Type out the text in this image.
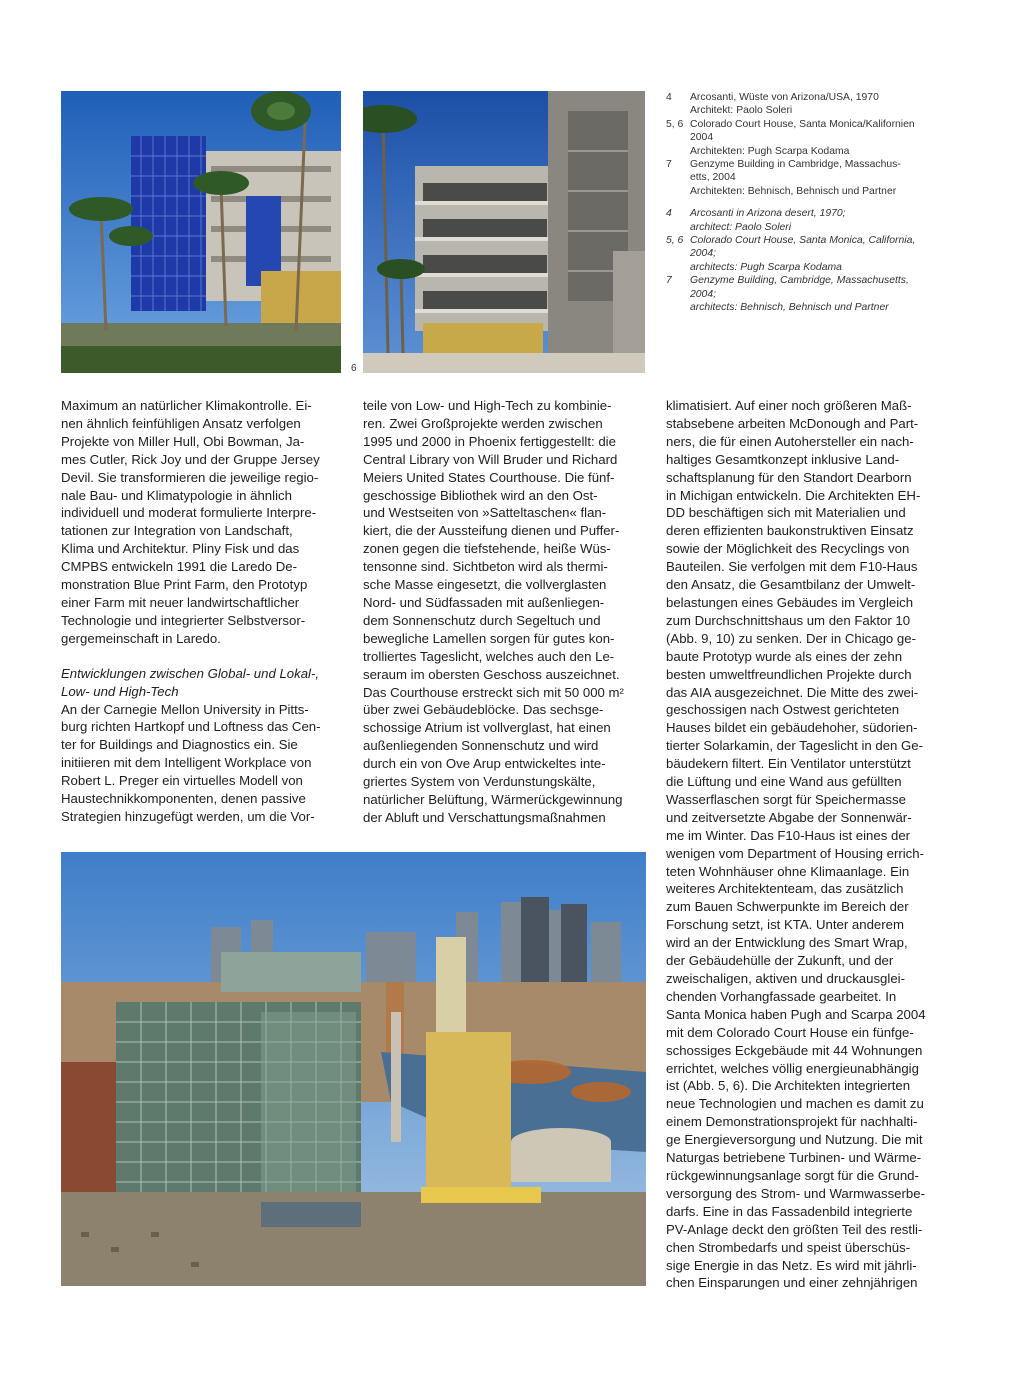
6
4	Arcosanti, Wüste von Arizona/USA, 1970
Architekt: Paolo Soleri
5, 6 Colorado Court House, Santa Monica/Kalifornien
2004
Architekten: Pugh Scarpa Kodama
7	Genzyme Building in Cambridge, Massachus-
etts, 2004
Architekten: Behnisch, Behnisch und Partner
4	Arcosanti in Arizona desert, 1970;
architect: Paolo Soleri
5, 6 Colorado Court House, Santa Monica, California,
2004;
architects: Pugh Scarpa Kodama
7	Genzyme Building, Cambridge, Massachusetts,
2004;
architects: Behnisch, Behnisch und Partner
Maximum an natürlicher Klimakontrolle. Ei-
nen ähnlich feinfühligen Ansatz verfolgen
Projekte von Miller Hull, Obi Bowman, Ja-
mes Cutler, Rick Joy und der Gruppe Jersey
Devil. Sie transformieren die jeweilige regio-
nale Bau- und Klimatypologie in ähnlich
individuell und moderat formulierte Interpre-
tationen zur Integration von Landschaft,
Klima und Architektur. Pliny Fisk und das
CMPBS entwickeln 1991 die Laredo De-
monstration Blue Print Farm, den Prototyp
einer Farm mit neuer landwirtschaftlicher
Technologie und integrierter Selbstversor-
gergemeinschaft in Laredo.
Entwicklungen zwischen Global- und Lokal-,
Low- und High-Tech
An der Carnegie Mellon University in Pitts-
burg richten Hartkopf und Loftness das Cen-
ter for Buildings and Diagnostics ein. Sie
initiieren mit dem Intelligent Workplace von
Robert L. Preger ein virtuelles Modell von
Haustechnikkomponenten, denen passive
Strategien hinzugefügt werden, um die Vor-
teile von Low- und High-Tech zu kombinie-
ren. Zwei Großprojekte werden zwischen
1995 und 2000 in Phoenix fertiggestellt: die
Central Library von Will Bruder und Richard
Meiers United States Courthouse. Die fünf-
geschossige Bibliothek wird an den Ost-
und Westseiten von »Satteltaschen« flan-
kiert, die der Aussteifung dienen und Puffer-
zonen gegen die tiefstehende, heiße Wüs-
tensonne sind. Sichtbeton wird als thermi-
sche Masse eingesetzt, die vollverglasten
Nord- und Südfassaden mit außenliegen-
dem Sonnenschutz durch Segeltuch und
bewegliche Lamellen sorgen für gutes kon-
trolliertes Tageslicht, welches auch den Le-
seraum im obersten Geschoss auszeichnet.
Das Courthouse erstreckt sich mit 50 000 m²
über zwei Gebäudeblöcke. Das sechsge-
schossige Atrium ist vollverglast, hat einen
außenliegenden Sonnenschutz und wird
durch ein von Ove Arup entwickeltes inte-
griertes System von Verdunstungskälte,
natürlicher Belüftung, Wärmerückgewinnung
der Abluft und Verschattungsmaßnahmen
klimatisiert. Auf einer noch größeren Maß-
stabsebene arbeiten McDonough and Part-
ners, die für einen Autohersteller ein nach-
haltiges Gesamtkonzept inklusive Land-
schaftsplanung für den Standort Dearborn
in Michigan entwickeln. Die Architekten EH-
DD beschäftigen sich mit Materialien und
deren effizienten baukonstruktiven Einsatz
sowie der Möglichkeit des Recyclings von
Bauteilen. Sie verfolgen mit dem F10-Haus
den Ansatz, die Gesamtbilanz der Umwelt-
belastungen eines Gebäudes im Vergleich
zum Durchschnittshaus um den Faktor 10
(Abb. 9, 10) zu senken. Der in Chicago ge-
baute Prototyp wurde als eines der zehn
besten umweltfreundlichen Projekte durch
das AIA ausgezeichnet. Die Mitte des zwei-
geschossigen nach Ostwest gerichteten
Hauses bildet ein gebäudehoher, südorien-
tierter Solarkamin, der Tageslicht in den Ge-
bäudekern filtert. Ein Ventilator unterstützt
die Lüftung und eine Wand aus gefüllten
Wasserflaschen sorgt für Speichermasse
und zeitversetzte Abgabe der Sonnenwär-
me im Winter. Das F10-Haus ist eines der
wenigen vom Department of Housing errich-
teten Wohnhäuser ohne Klimaanlage. Ein
weiteres Architektenteam, das zusätzlich
zum Bauen Schwerpunkte im Bereich der
Forschung setzt, ist KTA. Unter anderem
wird an der Entwicklung des Smart Wrap,
der Gebäudehülle der Zukunft, und der
zweischaligen, aktiven und druckausglei-
chenden Vorhangfassade gearbeitet. In
Santa Monica haben Pugh and Scarpa 2004
mit dem Colorado Court House ein fünfge-
schossiges Eckgebäude mit 44 Wohnungen
errichtet, welches völlig energieunabhängig
ist (Abb. 5, 6). Die Architekten integrierten
neue Technologien und machen es damit zu
einem Demonstrationsprojekt für nachhalti-
ge Energieversorgung und Nutzung. Die mit
Naturgas betriebene Turbinen- und Wärme-
rückgewinnungsanlage sorgt für die Grund-
versorgung des Strom- und Warmwasserbe-
darfs. Eine in das Fassadenbild integrierte
PV-Anlage deckt den größten Teil des restli-
chen Strombedarfs und speist überschüs-
sige Energie in das Netz. Es wird mit jährli-
chen Einsparungen und einer zehnjährigen
